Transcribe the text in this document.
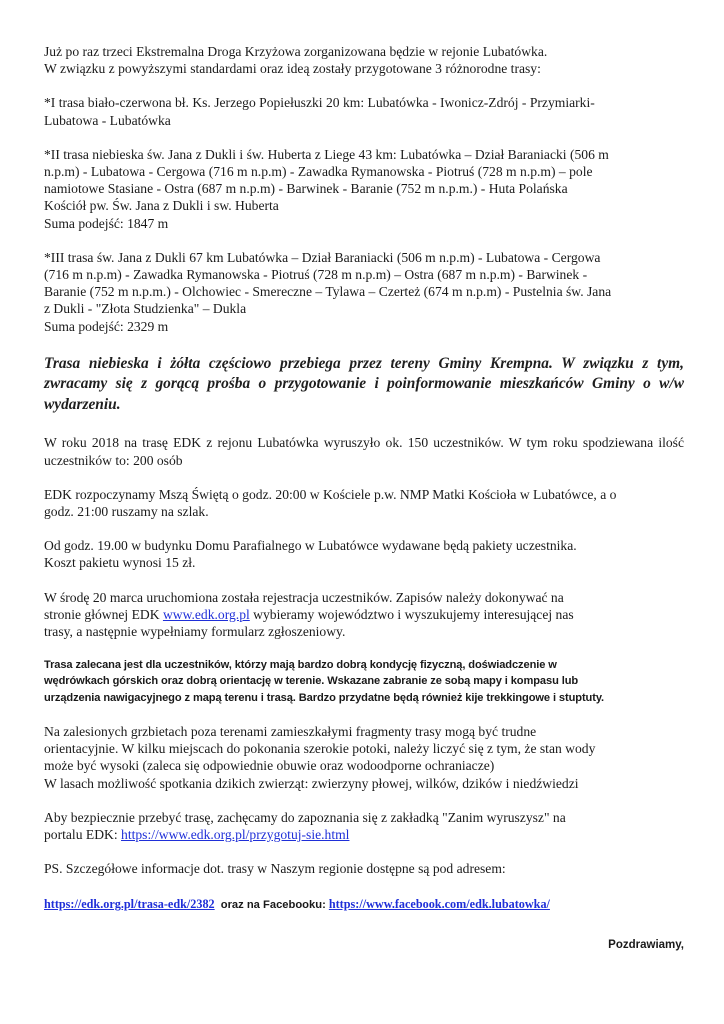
Już po raz trzeci Ekstremalna Droga Krzyżowa zorganizowana będzie w rejonie Lubatówka.

W związku z powyższymi standardami oraz ideą zostały przygotowane 3 różnorodne trasy:

*I trasa biało-czerwona bł. Ks. Jerzego Popiełuszki 20 km: Lubatówka - Iwonicz-Zdrój - Przymiarki-

Lubatowa - Lubatówka

*II trasa niebieska św. Jana z Dukli i św. Huberta z Liege 43 km: Lubatówka – Dział Baraniacki (506 m

n.p.m) - Lubatowa - Cergowa (716 m n.p.m) - Zawadka Rymanowska - Piotruś (728 m n.p.m) – pole

namiotowe Stasiane - Ostra (687 m n.p.m) - Barwinek - Baranie (752 m n.p.m.) - Huta Polańska

Kościół pw. Św. Jana z Dukli i sw. Huberta

Suma podejść: 1847 m

*III trasa św. Jana z Dukli 67 km Lubatówka – Dział Baraniacki (506 m n.p.m) - Lubatowa - Cergowa

(716 m n.p.m) - Zawadka Rymanowska - Piotruś (728 m n.p.m) – Ostra (687 m n.p.m) - Barwinek -

Baranie (752 m n.p.m.) - Olchowiec - Smereczne – Tylawa – Czerteż (674 m n.p.m) - Pustelnia św. Jana

z Dukli - "Złota Studzienka" – Dukla

Suma podejść: 2329 m

Trasa niebieska i żółta częściowo przebiega przez tereny Gminy Krempna. W związku z tym, zwracamy się z gorącą prośba o przygotowanie i poinformowanie mieszkańców Gminy o w/w wydarzeniu.

W roku 2018 na trasę EDK z rejonu Lubatówka wyruszyło ok. 150 uczestników. W tym roku spodziewana ilość uczestników to: 200 osób

EDK rozpoczynamy Mszą Świętą o godz. 20:00 w Kościele p.w. NMP Matki Kościoła w Lubatówce, a o

godz. 21:00 ruszamy na szlak.

Od godz. 19.00 w budynku Domu Parafialnego w Lubatówce wydawane będą pakiety uczestnika.

Koszt pakietu wynosi 15 zł.

W środę 20 marca uruchomiona została rejestracja uczestników. Zapisów należy dokonywać na

stronie głównej EDK www.edk.org.pl wybieramy województwo i wyszukujemy interesującej nas

trasy, a następnie wypełniamy formularz zgłoszeniowy.

Trasa zalecana jest dla uczestników, którzy mają bardzo dobrą kondycję fizyczną, doświadczenie w

wędrówkach górskich oraz dobrą orientację w terenie. Wskazane zabranie ze sobą mapy i kompasu lub

urządzenia nawigacyjnego z mapą terenu i trasą. Bardzo przydatne będą również kije trekkingowe i stuptuty.

Na zalesionych grzbietach poza terenami zamieszkałymi fragmenty trasy mogą być trudne

orientacyjnie. W kilku miejscach do pokonania szerokie potoki, należy liczyć się z tym, że stan wody

może być wysoki (zaleca się odpowiednie obuwie oraz wodoodporne ochraniacze)

W lasach możliwość spotkania dzikich zwierząt: zwierzyny płowej, wilków, dzików i niedźwiedzi

Aby bezpiecznie przebyć trasę, zachęcamy do zapoznania się z zakładką "Zanim wyruszysz" na

portalu EDK: https://www.edk.org.pl/przygotuj-sie.html

PS. Szczegółowe informacje dot. trasy w Naszym regionie dostępne są pod adresem:

https://edk.org.pl/trasa-edk/2382 oraz na Facebooku: https://www.facebook.com/edk.lubatowka/

Pozdrawiamy,
